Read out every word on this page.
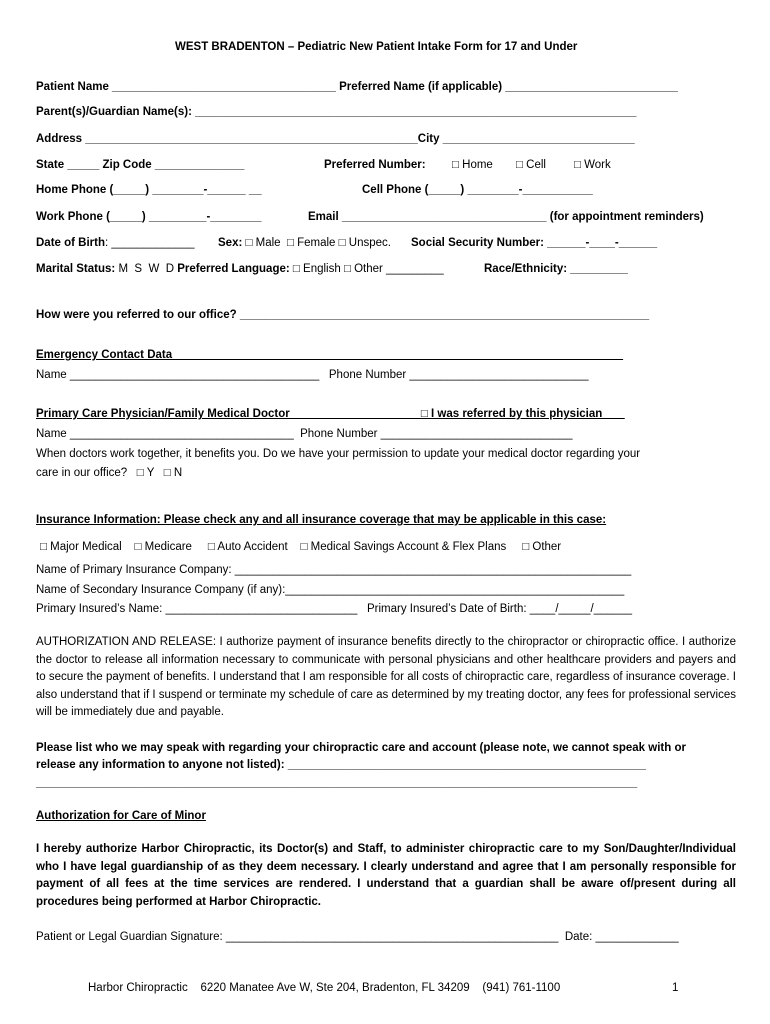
WEST BRADENTON – Pediatric New Patient Intake Form for 17 and Under
Patient Name ___________________________________ Preferred Name (if applicable) ___________________________
Parent(s)/Guardian Name(s): _____________________________________________________________________
Address ____________________________________________________City ______________________________
State _____ Zip Code ______________	Preferred Number: □ Home □ Cell □ Work
Home Phone (_____) ________-______ __	Cell Phone (_____) ________-___________
Work Phone (_____) _________-________	Email ________________________________ (for appointment reminders)
Date of Birth: _____________ Sex: □ Male  □ Female □ Unspec. Social Security Number: ______-____-______
Marital Status: M  S  W  D Preferred Language: □ English □ Other _________	Race/Ethnicity: _________
How were you referred to our office? ________________________________________________________________
Emergency Contact Data ______________________________________________________________________
Name _______________________________________   Phone Number ____________________________
Primary Care Physician/Family Medical Doctor ____________________□ I was referred by this physician ___
Name ___________________________________  Phone Number ______________________________
When doctors work together, it benefits you. Do we have your permission to update your medical doctor regarding your
care in our office?   □ Y   □ N
Insurance Information: Please check any and all insurance coverage that may be applicable in this case:
□ Major Medical    □ Medicare     □ Auto Accident    □ Medical Savings Account & Flex Plans     □ Other
Name of Primary Insurance Company: ______________________________________________________________
Name of Secondary Insurance Company (if any):_____________________________________________________
Primary Insured’s Name: ______________________________   Primary Insured’s Date of Birth: ____/_____/______
AUTHORIZATION AND RELEASE: I authorize payment of insurance benefits directly to the chiropractor or chiropractic office. I authorize the doctor to release all information necessary to communicate with personal physicians and other healthcare providers and payers and to secure the payment of benefits. I understand that I am responsible for all costs of chiropractic care, regardless of insurance coverage. I also understand that if I suspend or terminate my schedule of care as determined by my treating doctor, any fees for professional services will be immediately due and payable.
Please list who we may speak with regarding your chiropractic care and account (please note, we cannot speak with or
release any information to anyone not listed): ________________________________________________________
______________________________________________________________________________________________
Authorization for Care of Minor
I hereby authorize Harbor Chiropractic, its Doctor(s) and Staff, to administer chiropractic care to my Son/Daughter/Individual who I have legal guardianship of as they deem necessary. I clearly understand and agree that I am personally responsible for payment of all fees at the time services are rendered. I understand that a guardian shall be aware of/present during all procedures being performed at Harbor Chiropractic.
Patient or Legal Guardian Signature: ____________________________________________________  Date: _____________
Harbor Chiropractic    6220 Manatee Ave W, Ste 204, Bradenton, FL 34209    (941) 761-1100	1
